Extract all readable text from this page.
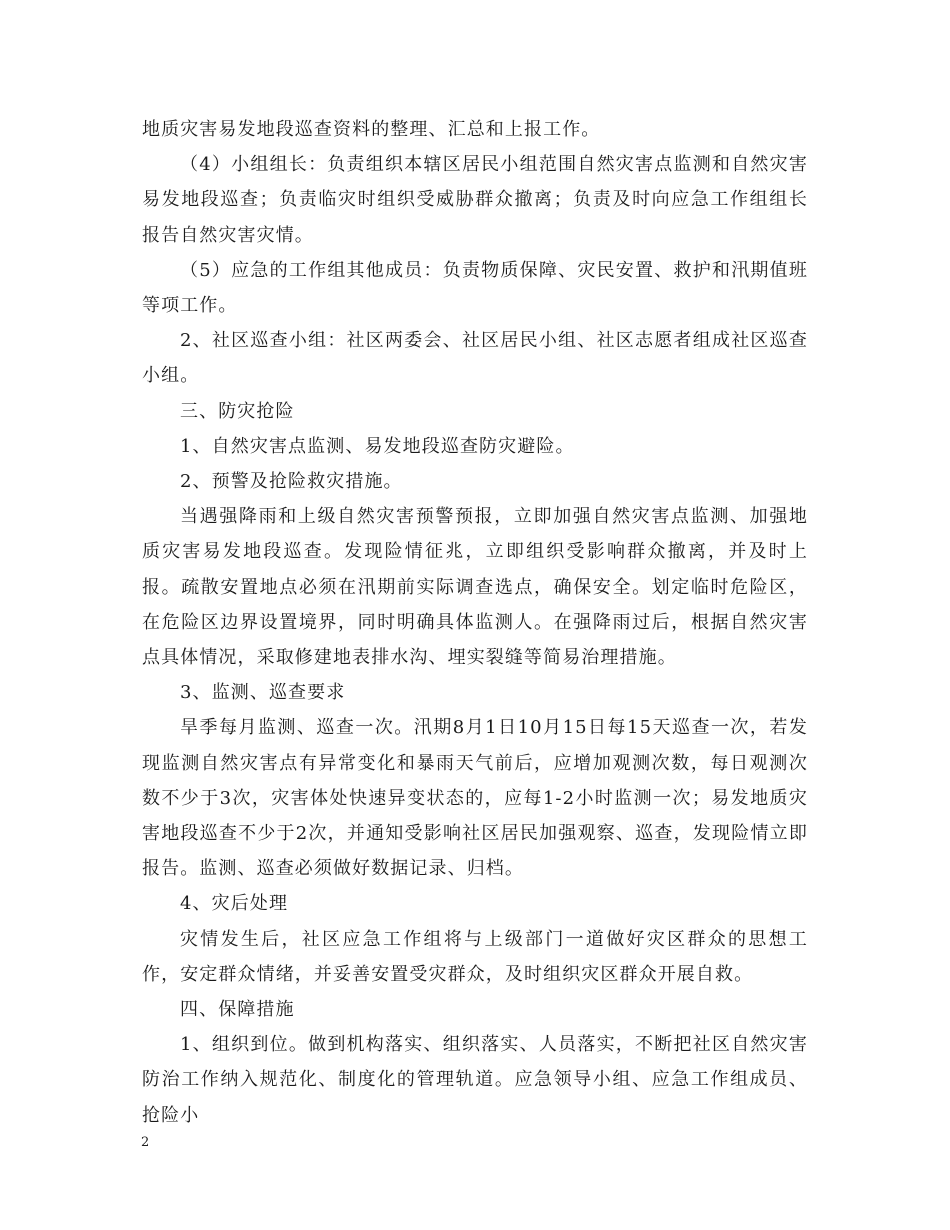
地质灾害易发地段巡查资料的整理、汇总和上报工作。

（4）小组组长：负责组织本辖区居民小组范围自然灾害点监测和自然灾害易发地段巡查；负责临灾时组织受威胁群众撤离；负责及时向应急工作组组长报告自然灾害灾情。

（5）应急的工作组其他成员：负责物质保障、灾民安置、救护和汛期值班等项工作。

2、社区巡查小组：社区两委会、社区居民小组、社区志愿者组成社区巡查小组。

三、防灾抢险

1、自然灾害点监测、易发地段巡查防灾避险。

2、预警及抢险救灾措施。

当遇强降雨和上级自然灾害预警预报，立即加强自然灾害点监测、加强地质灾害易发地段巡查。发现险情征兆，立即组织受影响群众撤离，并及时上报。疏散安置地点必须在汛期前实际调查选点，确保安全。划定临时危险区，在危险区边界设置境界，同时明确具体监测人。在强降雨过后，根据自然灾害点具体情况，采取修建地表排水沟、埋实裂缝等简易治理措施。

3、监测、巡查要求

旱季每月监测、巡查一次。汛期8月1日10月15日每15天巡查一次，若发现监测自然灾害点有异常变化和暴雨天气前后，应增加观测次数，每日观测次数不少于3次，灾害体处快速异变状态的，应每1-2小时监测一次；易发地质灾害地段巡查不少于2次，并通知受影响社区居民加强观察、巡查，发现险情立即报告。监测、巡查必须做好数据记录、归档。

4、灾后处理

灾情发生后，社区应急工作组将与上级部门一道做好灾区群众的思想工作，安定群众情绪，并妥善安置受灾群众，及时组织灾区群众开展自救。

四、保障措施

1、组织到位。做到机构落实、组织落实、人员落实，不断把社区自然灾害防治工作纳入规范化、制度化的管理轨道。应急领导小组、应急工作组成员、抢险小

2
